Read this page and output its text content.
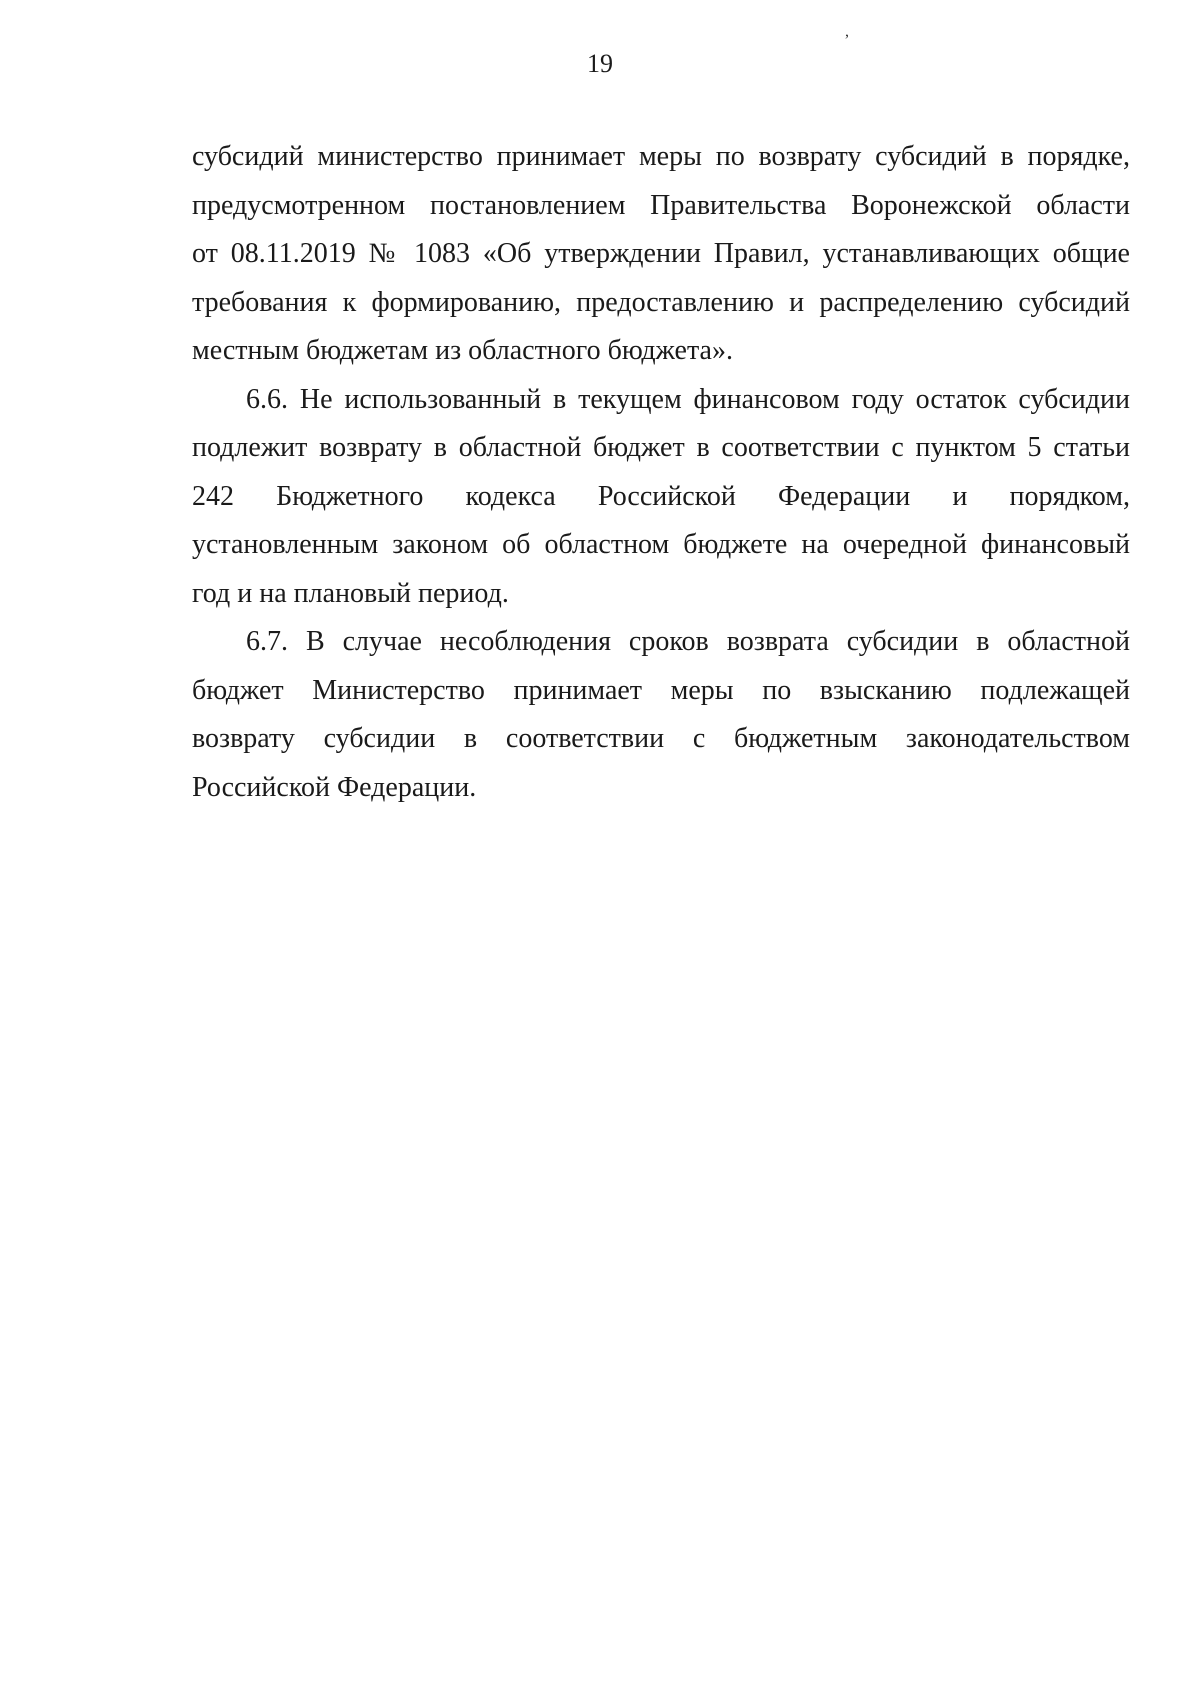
,
19
субсидий министерство принимает меры по возврату субсидий в порядке,
предусмотренном постановлением Правительства Воронежской области
от 08.11.2019 № 1083 «Об утверждении Правил, устанавливающих общие
требования к формированию, предоставлению и распределению субсидий
местным бюджетам из областного бюджета».
6.6. Не использованный в текущем финансовом году остаток субсидии
подлежит возврату в областной бюджет в соответствии с пунктом 5 статьи
242 Бюджетного кодекса Российской Федерации и порядком,
установленным законом об областном бюджете на очередной финансовый
год и на плановый период.
6.7. В случае несоблюдения сроков возврата субсидии в областной
бюджет Министерство принимает меры по взысканию подлежащей
возврату субсидии в соответствии с бюджетным законодательством
Российской Федерации.
